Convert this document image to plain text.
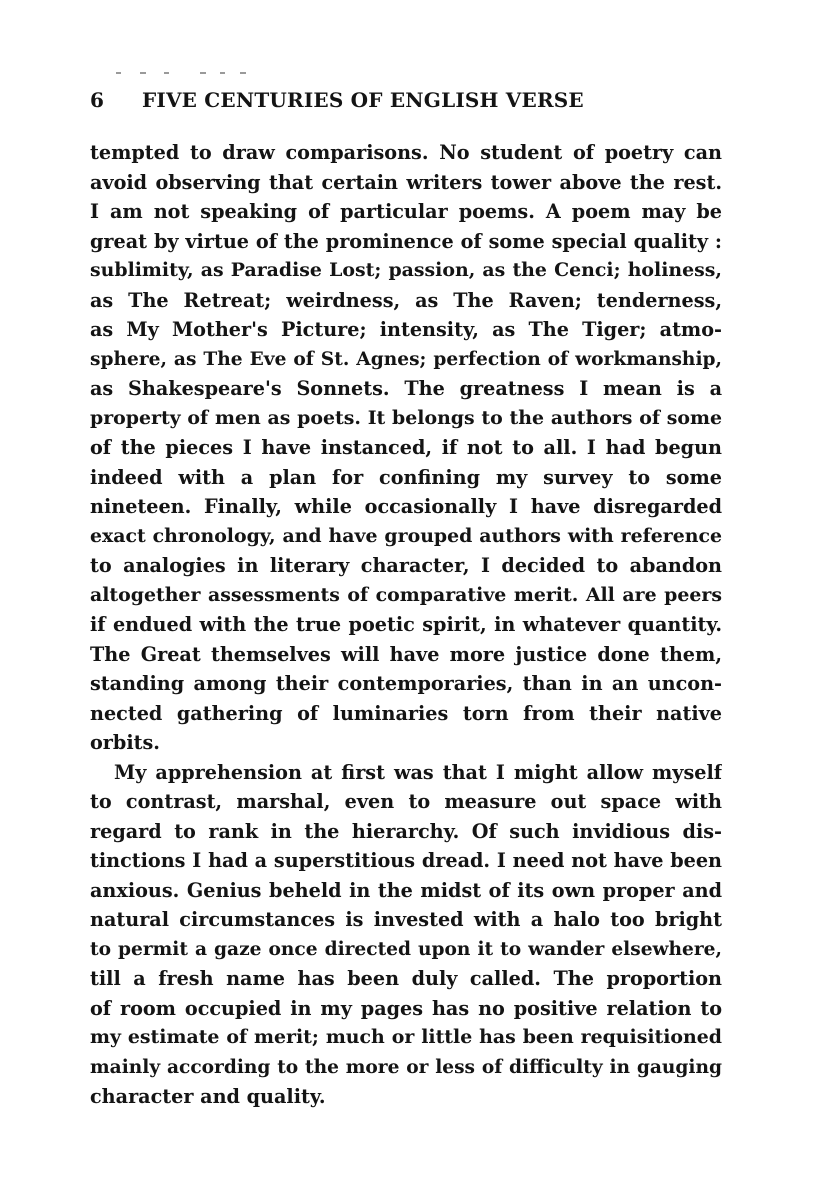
6 FIVE CENTURIES OF ENGLISH VERSE
tempted to draw comparisons. No student of poetry can
avoid observing that certain writers tower above the rest.
I am not speaking of particular poems. A poem may be
great by virtue of the prominence of some special quality :
sublimity, as Paradise Lost; passion, as the Cenci; holiness,
as The Retreat; weirdness, as The Raven; tenderness,
as My Mother's Picture; intensity, as The Tiger; atmo-
sphere, as The Eve of St. Agnes; perfection of workmanship,
as Shakespeare's Sonnets. The greatness I mean is a
property of men as poets. It belongs to the authors of some
of the pieces I have instanced, if not to all. I had begun
indeed with a plan for confining my survey to some
nineteen. Finally, while occasionally I have disregarded
exact chronology, and have grouped authors with reference
to analogies in literary character, I decided to abandon
altogether assessments of comparative merit. All are peers
if endued with the true poetic spirit, in whatever quantity.
The Great themselves will have more justice done them,
standing among their contemporaries, than in an uncon-
nected gathering of luminaries torn from their native
orbits.
My apprehension at first was that I might allow myself
to contrast, marshal, even to measure out space with
regard to rank in the hierarchy. Of such invidious dis-
tinctions I had a superstitious dread. I need not have been
anxious. Genius beheld in the midst of its own proper and
natural circumstances is invested with a halo too bright
to permit a gaze once directed upon it to wander elsewhere,
till a fresh name has been duly called. The proportion
of room occupied in my pages has no positive relation to
my estimate of merit; much or little has been requisitioned
mainly according to the more or less of difficulty in gauging
character and quality.
